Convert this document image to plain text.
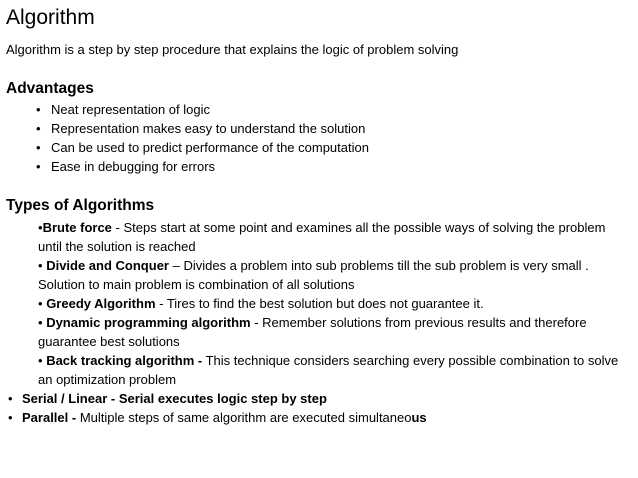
Algorithm
Algorithm is a step by step procedure that explains the logic of problem solving
Advantages
• Neat representation of logic
• Representation makes easy to understand the solution
• Can be used to predict performance of the computation
• Ease in debugging for errors
Types of Algorithms
•Brute force - Steps start at some point and examines all the possible ways of solving the problem until the solution is reached
• Divide and Conquer – Divides a problem into sub problems till the sub problem is very small . Solution to main problem is combination of all solutions
• Greedy Algorithm - Tires to find the best solution but does not guarantee it.
• Dynamic programming algorithm - Remember solutions from previous results and therefore guarantee best solutions
• Back tracking algorithm - This technique considers searching every possible combination to solve an optimization problem
• Serial / Linear - Serial executes logic step by step
• Parallel - Multiple steps of same algorithm are executed simultaneous
